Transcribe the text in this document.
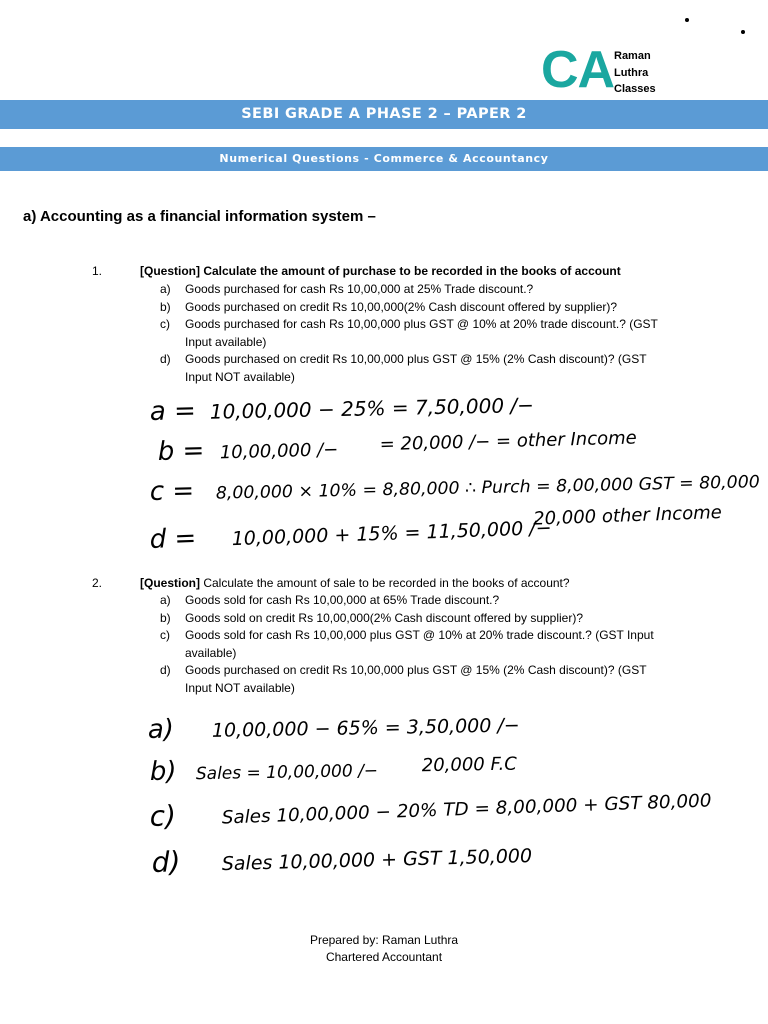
CA Raman
Luthra
Classes
SEBI GRADE A PHASE 2 – PAPER 2
Numerical Questions - Commerce & Accountancy
a) Accounting as a financial information system –
1.	[Question] Calculate the amount of purchase to be recorded in the books of account
a) Goods purchased for cash Rs 10,00,000 at 25% Trade discount.?
b) Goods purchased on credit Rs 10,00,000(2% Cash discount offered by supplier)?
c) Goods purchased for cash Rs 10,00,000 plus GST @ 10% at 20% trade discount.? (GST Input available)
d) Goods purchased on credit Rs 10,00,000 plus GST @ 15% (2% Cash discount)? (GST Input NOT available)
a = 10,00,000 − 25% = 7,50,000 /−
b = 10,00,000 /− = 20,000 /− = other Income
c = 8,00,000 × 10% = 8,80,000 ∴ Purch = 8,00,000 GST = 80,000
d = 10,00,000 + 15% = 11,50,000 /−
20,000 other Income
2.	[Question] Calculate the amount of sale to be recorded in the books of account?
a) Goods sold for cash Rs 10,00,000 at 65% Trade discount.?
b) Goods sold on credit Rs 10,00,000(2% Cash discount offered by supplier)?
c) Goods sold for cash Rs 10,00,000 plus GST @ 10% at 20% trade discount.? (GST Input available)
d) Goods purchased on credit Rs 10,00,000 plus GST @ 15% (2% Cash discount)? (GST Input NOT available)
a) 10,00,000 − 65% = 3,50,000 /−
b) Sales = 10,00,000 /− 20,000 F.C
c) Sales 10,00,000 − 20% TD = 8,00,000 + GST 80,000
d) Sales 10,00,000 + GST 1,50,000
Prepared by: Raman Luthra
Chartered Accountant
